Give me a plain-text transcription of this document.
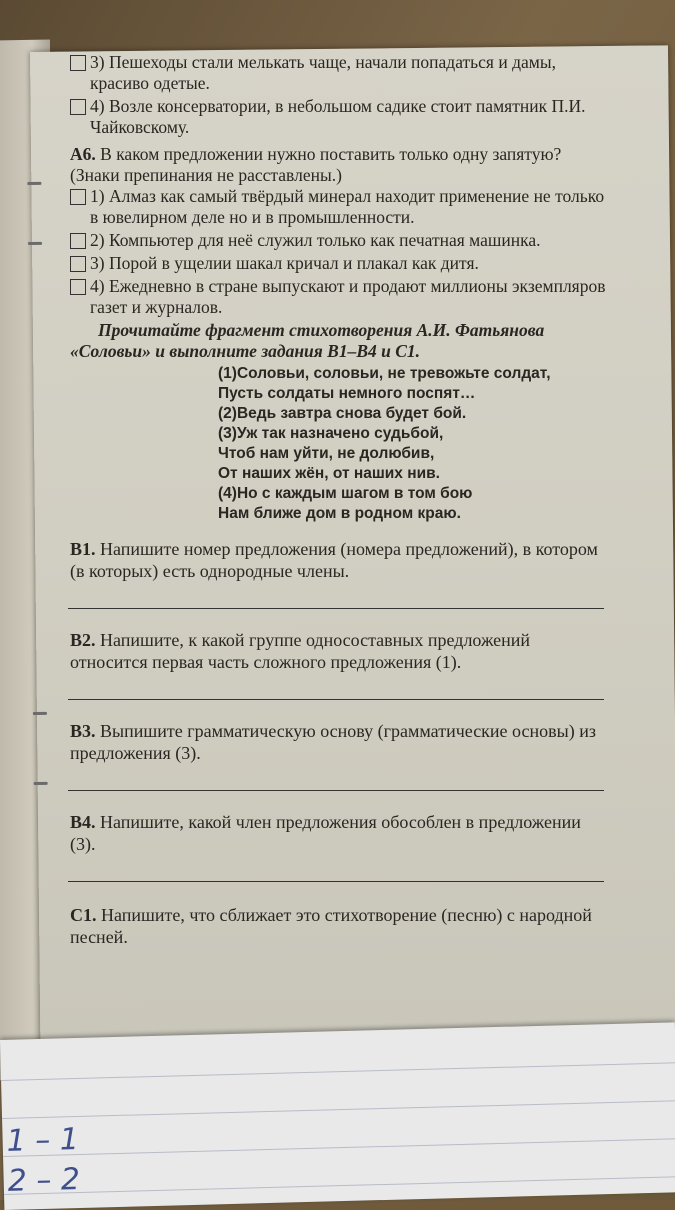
3) Пешеходы стали мелькать чаще, начали попадаться и дамы, красиво одетые.
4) Возле консерватории, в небольшом садике стоит памятник П.И. Чайковскому.
А6. В каком предложении нужно поставить только одну запятую? (Знаки препинания не расставлены.)
1) Алмаз как самый твёрдый минерал находит применение не только в ювелирном деле но и в промышленности.
2) Компьютер для неё служил только как печатная машинка.
3) Порой в ущелии шакал кричал и плакал как дитя.
4) Ежедневно в стране выпускают и продают миллионы экземпляров газет и журналов.
Прочитайте фрагмент стихотворения А.И. Фатьянова «Соловьи» и выполните задания В1–В4 и С1.
(1)Соловьи, соловьи, не тревожьте солдат,
Пусть солдаты немного поспят…
(2)Ведь завтра снова будет бой.
(3)Уж так назначено судьбой,
Чтоб нам уйти, не долюбив,
От наших жён, от наших нив.
(4)Но с каждым шагом в том бою
Нам ближе дом в родном краю.
В1. Напишите номер предложения (номера предложений), в котором (в которых) есть однородные члены.
В2. Напишите, к какой группе односоставных предложений относится первая часть сложного предложения (1).
В3. Выпишите грамматическую основу (грамматические основы) из предложения (3).
В4. Напишите, какой член предложения обособлен в предложении (3).
С1. Напишите, что сближает это стихотворение (песню) с народной песней.
1 – 1
2 – 2
